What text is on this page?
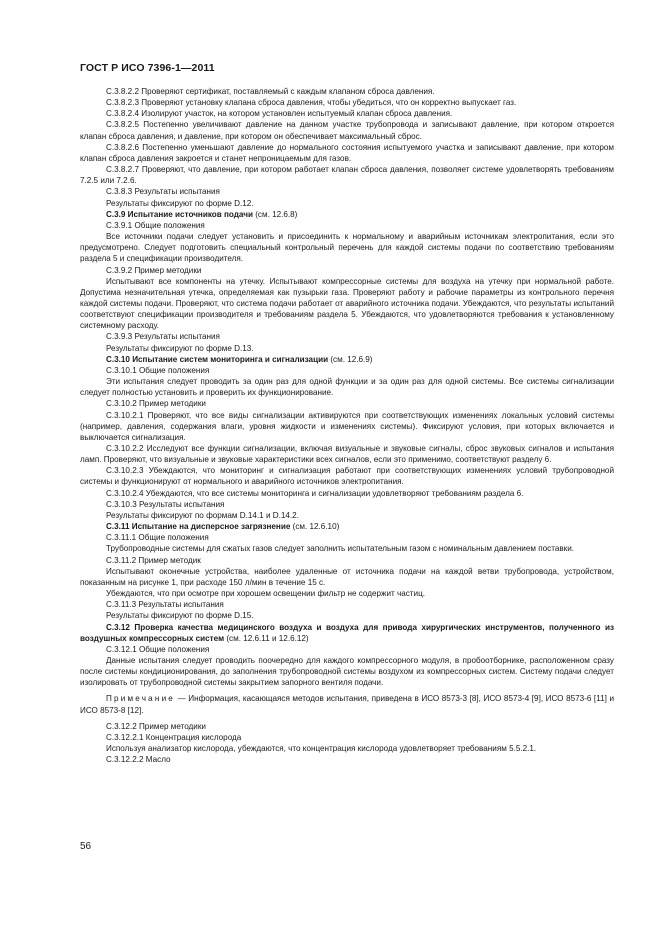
ГОСТ Р ИСО 7396-1—2011

С.3.8.2.2 Проверяют сертификат, поставляемый с каждым клапаном сброса давления.

С.3.8.2.3 Проверяют установку клапана сброса давления, чтобы убедиться, что он корректно выпускает газ.

С.3.8.2.4 Изолируют участок, на котором установлен испытуемый клапан сброса давления.

С.3.8.2.5 Постепенно увеличивают давление на данном участке трубопровода и записывают давление, при котором откроется клапан сброса давления, и давление, при котором он обеспечивает максимальный сброс.

С.3.8.2.6 Постепенно уменьшают давление до нормального состояния испытуемого участка и записывают давление, при котором клапан сброса давления закроется и станет непроницаемым для газов.

С.3.8.2.7 Проверяют, что давление, при котором работает клапан сброса давления, позволяет системе удовлетворять требованиям 7.2.5 или 7.2.6.

С.3.8.3 Результаты испытания

Результаты фиксируют по форме D.12.

С.3.9 Испытание источников подачи (см. 12.6.8)

С.3.9.1 Общие положения

Все источники подачи следует установить и присоединить к нормальному и аварийным источникам электропитания, если это предусмотрено. Следует подготовить специальный контрольный перечень для каждой системы подачи по соответствию требованиям раздела 5 и спецификации производителя.

С.3.9.2 Пример методики

Испытывают все компоненты на утечку. Испытывают компрессорные системы для воздуха на утечку при нормальной работе. Допустима незначительная утечка, определяемая как пузырьки газа. Проверяют работу и рабочие параметры из контрольного перечня каждой системы подачи. Проверяют, что система подачи работает от аварийного источника подачи. Убеждаются, что результаты испытаний соответствуют спецификации производителя и требованиям раздела 5. Убеждаются, что удовлетворяются требования к установленному системному расходу.

С.3.9.3 Результаты испытания

Результаты фиксируют по форме D.13.

С.3.10 Испытание систем мониторинга и сигнализации (см. 12.6.9)

С.3.10.1 Общие положения

Эти испытания следует проводить за один раз для одной функции и за один раз для одной системы. Все системы сигнализации следует полностью установить и проверить их функционирование.

С.3.10.2 Пример методики

С.3.10.2.1 Проверяют, что все виды сигнализации активируются при соответствующих изменениях локальных условий системы (например, давления, содержания влаги, уровня жидкости и изменениях системы). Фиксируют условия, при которых включается и выключается сигнализация.

С.3.10.2.2 Исследуют все функции сигнализации, включая визуальные и звуковые сигналы, сброс звуковых сигналов и испытания ламп. Проверяют, что визуальные и звуковые характеристики всех сигналов, если это применимо, соответствуют разделу 6.

С.3.10.2.3 Убеждаются, что мониторинг и сигнализация работают при соответствующих изменениях условий трубопроводной системы и функционируют от нормального и аварийного источников электропитания.

С.3.10.2.4 Убеждаются, что все системы мониторинга и сигнализации удовлетворяют требованиям раздела 6.

С.3.10.3 Результаты испытания

Результаты фиксируют по формам D.14.1 и D.14.2.

С.3.11 Испытание на дисперсное загрязнение (см. 12.6.10)

С.3.11.1 Общие положения

Трубопроводные системы для сжатых газов следует заполнить испытательным газом с номинальным давлением поставки.

С.3.11.2 Пример методик

Испытывают оконечные устройства, наиболее удаленные от источника подачи на каждой ветви трубопровода, устройством, показанным на рисунке 1, при расходе 150 л/мин в течение 15 с.

Убеждаются, что при осмотре при хорошем освещении фильтр не содержит частиц.

С.3.11.3 Результаты испытания

Результаты фиксируют по форме D.15.

С.3.12 Проверка качества медицинского воздуха и воздуха для привода хирургических инструментов, полученного из воздушных компрессорных систем (см. 12.6.11 и 12.6.12)

С.3.12.1 Общие положения

Данные испытания следует проводить поочередно для каждого компрессорного модуля, в пробоотборнике, расположенном сразу после системы кондиционирования, до заполнения трубопроводной системы воздухом из компрессорных систем. Систему подачи следует изолировать от трубопроводной системы закрытием запорного вентиля подачи.

Примечание — Информация, касающаяся методов испытания, приведена в ИСО 8573-3 [8], ИСО 8573-4 [9], ИСО 8573-6 [11] и ИСО 8573-8 [12].

С.3.12.2 Пример методики

С.3.12.2.1 Концентрация кислорода

Используя анализатор кислорода, убеждаются, что концентрация кислорода удовлетворяет требованиям 5.5.2.1.

С.3.12.2.2 Масло

56
